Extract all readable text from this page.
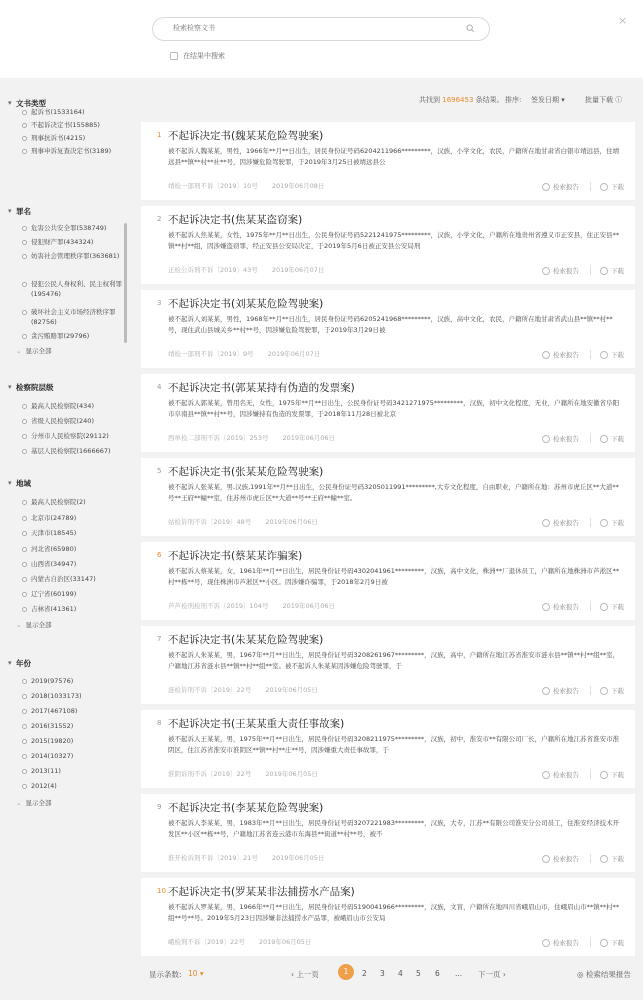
检索检察文书
×
在结果中搜索
文书类型
▾
起诉书(1533164)
不起诉决定书(155885)
刑事抗诉书(4215)
刑事申诉复查决定书(3189)
罪名
▾
危害公共安全罪(538749)
侵犯财产罪(434324)
妨害社会管理秩序罪(363681)
侵犯公民人身权利、民主权利罪(195476)
破坏社会主义市场经济秩序罪(82756)
贪污贿赂罪(29796)
⌄ 显示全部
检察院层级
▾
最高人民检察院(434)
省级人民检察院(240)
分州市人民检察院(29112)
基层人民检察院(1666667)
地域
▾
最高人民检察院(2)
北京市(24789)
天津市(18545)
河北省(65980)
山西省(34947)
内蒙古自治区(33147)
辽宁省(60199)
吉林省(41361)
⌄ 显示全部
年份
▾
2019(97576)
2018(1033173)
2017(467108)
2016(31552)
2015(19820)
2014(10327)
2013(11)
2012(4)
⌄ 显示全部
共找到 1696453 条结果。 排序: 签发日期 ▾	批量下载 ⓘ
1 不起诉决定书(魏某某危险驾驶案)
被不起诉人魏某某，男性，1966年**月**日出生，居民身份证号码6204211966*********，汉族，小学文化，农民，户籍所在地甘肃省白银市靖远县，住靖远县**镇**村**社**号，因涉嫌危险驾驶罪，于2019年3月25日被靖远县公
靖检一部刑不诉〔2019〕10号 2019年06月08日	检索报告	下载
2 不起诉决定书(焦某某盗窃案)
被不起诉人焦某某，女性，1975年**月**日出生，公民身份证号码5221241975*********，汉族，小学文化，户籍所在地贵州省遵义市正安县，住正安县**镇**村**组，因涉嫌盗窃罪，经正安县公安局决定，于2019年5月6日被正安县公安局刑
正检公诉刑不诉〔2019〕43号 2019年06月07日	检索报告	下载
3 不起诉决定书(刘某某危险驾驶案)
被不起诉人刘某某，男性，1968年**月**日出生，居民身份证号码6205241968*********，汉族，高中文化，农民，户籍所在地甘肃省武山县**镇**村**号，现住武山县城关乡**村**号，因涉嫌危险驾驶罪，于2019年3月29日被
靖检一部刑不诉〔2019〕9号 2019年06月07日	检索报告	下载
4 不起诉决定书(郭某某持有伪造的发票案)
被不起诉人郭某某，曾用名无，女性，1975年**月**日出生，公民身份证号码3421271975*********，汉族，初中文化程度，无业，户籍所在地安徽省阜阳市阜南县**镇**村**号，因涉嫌持有伪造的发票罪，于2018年11月28日被北京
西单检二部刑不诉〔2019〕253号 2019年06月06日	检索报告	下载
5 不起诉决定书(张某某危险驾驶案)
被不起诉人张某某，男,汉族,1991年**月**日出生，公民身份证号码3205011991*********,大专文化程度，自由职业，户籍所在地：苏州市虎丘区**大道**号**王府**幢**室，住苏州市虎丘区**大道**号**王府**幢**室。
姑检诉刑不诉〔2019〕48号 2019年06月06日	检索报告	下载
6 不起诉决定书(蔡某某诈骗案)
被不起诉人蔡某某，女，1961年**月**日出生，居民身份证号码4302041961*********，汉族，高中文化，株洲**厂退休员工，户籍所在地株洲市芦淞区**村**栋**号，现住株洲市芦淞区**小区。因涉嫌诈骗罪，于2018年2月9日被
芦芦检刑检刑不诉〔2019〕104号 2019年06月06日	检索报告	下载
7 不起诉决定书(朱某某危险驾驶案)
被不起诉人朱某某，男，1967年**月**日出生，居民身份证号码3208261967*********，汉族，高中，户籍所在地江苏省淮安市涟水县**镇**村**组**室，户籍地江苏省涟水县**镇**村**组**室。被不起诉人朱某某因涉嫌危险驾驶罪，于
涟检诉刑不诉〔2019〕22号 2019年06月05日	检索报告	下载
8 不起诉决定书(王某某重大责任事故案)
被不起诉人王某某，男，1975年**月**日出生，居民身份证号码3208211975*********，汉族，初中，淮安市**有限公司厂长，户籍所在地江苏省淮安市淮阴区，住江苏省淮安市淮阴区**镇**村**庄**号，因涉嫌重大责任事故罪，于
淮阴诉刑不诉〔2019〕22号 2019年06月05日	检索报告	下载
9 不起诉决定书(李某某危险驾驶案)
被不起诉人李某某，男，1983年**月**日出生，居民身份证号码3207221983*********，汉族，大专，江苏**有限公司淮安分公司员工，住淮安经济技术开发区**小区**栋**号，户籍地江苏省连云港市东海县**街道**村**号，被不
淮开检诉刑不诉〔2019〕21号 2019年06月05日	检索报告	下载
10 不起诉决定书(罗某某非法捕捞水产品案)
被不起诉人罗某某，男，1966年**月**日出生，居民身份证号码5190041966*********，汉族，文盲，户籍所在地四川省峨眉山市，住峨眉山市**镇**村**组**号**号。2019年5月23日因涉嫌非法捕捞水产品罪，被峨眉山市公安局
峨检刑不诉〔2019〕22号 2019年06月05日	检索报告	下载
显示条数: 10 ▾	‹ 上一页	1	2 3 4 5 6 ... 下一页 ›	◎ 检索结果报告
